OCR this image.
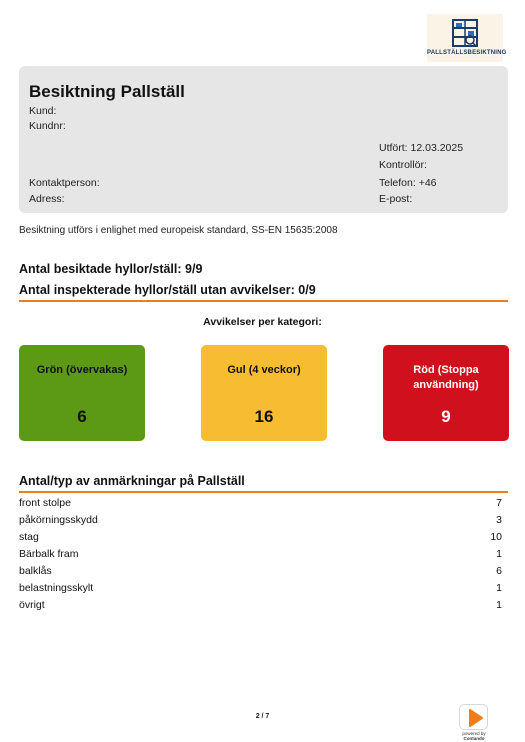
PALLSTÄLLSBESIKTNING
Besiktning Pallställ
Kund:
Kundnr:
Utfört: 12.03.2025
Kontrollör:
Kontaktperson:	Telefon: +46
Adress:	E-post:
Besiktning utförs i enlighet med europeisk standard, SS-EN 15635:2008
Antal besiktade hyllor/ställ: 9/9
Antal inspekterade hyllor/ställ utan avvikelser: 0/9
Avvikelser per kategori:
Grön (övervakas)
6
Gul (4 veckor)
16
Röd (Stoppa användning)
9
Antal/typ av anmärkningar på Pallställ
front stolpe	7
påkörningsskydd	3
stag	10
Bärbalk fram	1
balklås	6
belastningsskylt	1
övrigt	1
2 / 7
powered by
Contando
